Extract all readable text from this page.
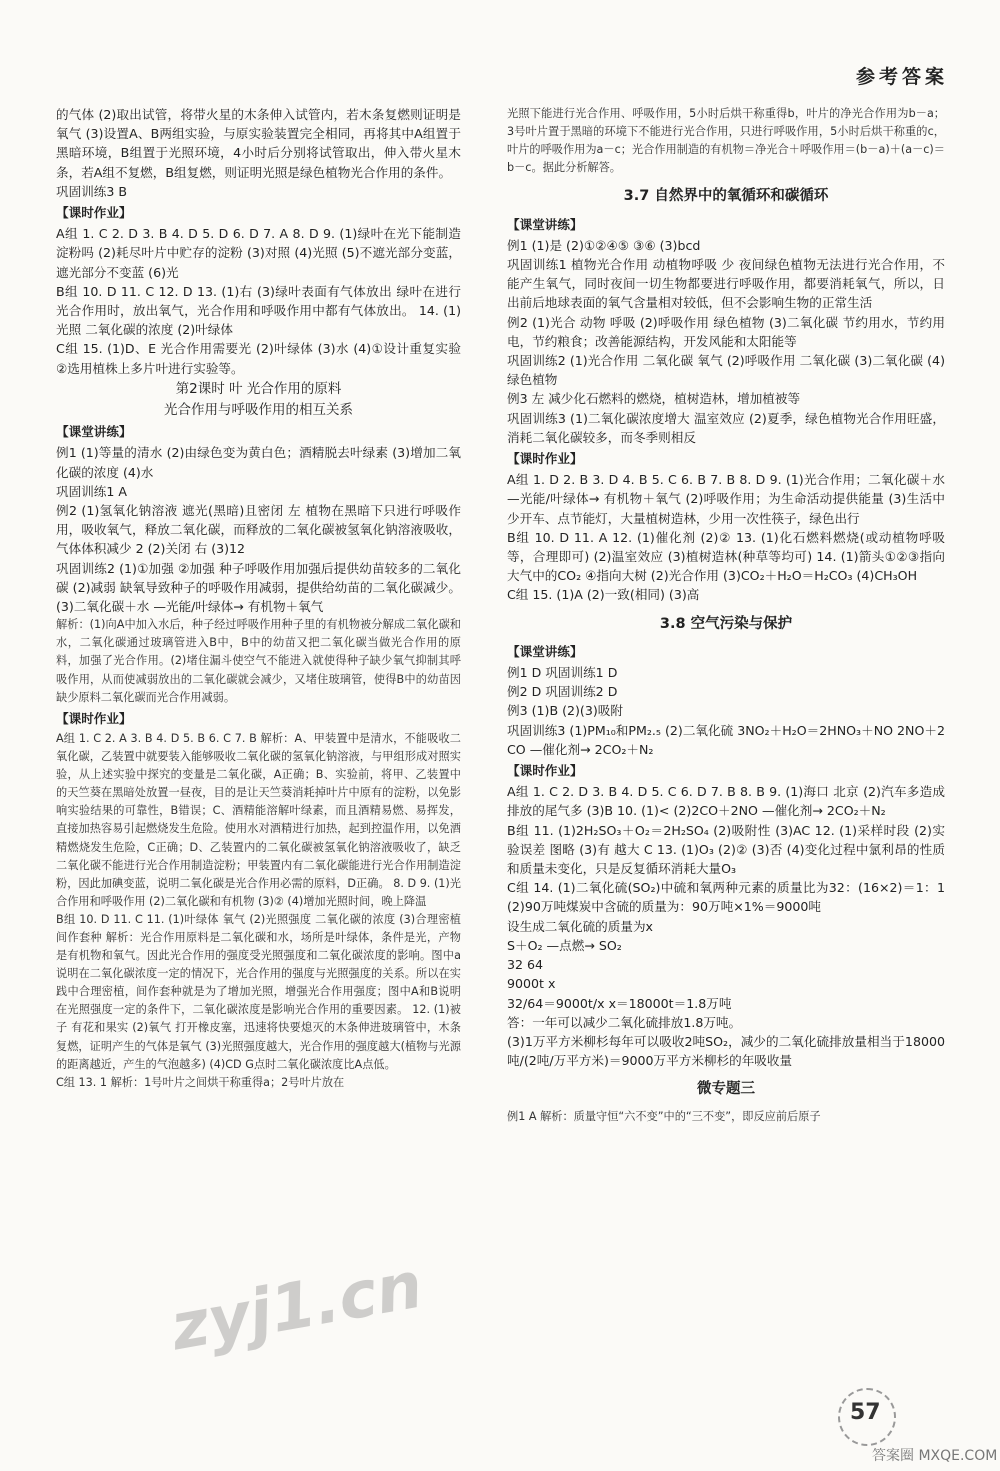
参考答案

的气体 (2)取出试管，将带火星的木条伸入试管内，若木条复燃则证明是氧气 (3)设置A、B两组实验，与原实验装置完全相同，再将其中A组置于黑暗环境，B组置于光照环境，4小时后分别将试管取出，伸入带火星木条，若A组不复燃，B组复燃，则证明光照是绿色植物光合作用的条件。

巩固训练3 B

【课时作业】

A组 1. C 2. D 3. B 4. D 5. D 6. D 7. A 8. D 9. (1)绿叶在光下能制造淀粉吗 (2)耗尽叶片中贮存的淀粉 (3)对照 (4)光照 (5)不遮光部分变蓝，遮光部分不变蓝 (6)光

B组 10. D 11. C 12. D 13. (1)右 (3)绿叶表面有气体放出 绿叶在进行光合作用时，放出氧气，光合作用和呼吸作用中都有气体放出。 14. (1)光照 二氧化碳的浓度 (2)叶绿体

C组 15. (1)D、E 光合作用需要光 (2)叶绿体 (3)水 (4)①设计重复实验 ②选用植株上多片叶进行实验等。

第2课时 叶 光合作用的原料
光合作用与呼吸作用的相互关系
【课堂讲练】

例1 (1)等量的清水 (2)由绿色变为黄白色；酒精脱去叶绿素 (3)增加二氧化碳的浓度 (4)水

巩固训练1 A

例2 (1)氢氧化钠溶液 遮光(黑暗)且密闭 左 植物在黑暗下只进行呼吸作用，吸收氧气，释放二氧化碳，而释放的二氧化碳被氢氧化钠溶液吸收，气体体积减少 2 (2)关闭 右 (3)12

巩固训练2 (1)①加强 ②加强 种子呼吸作用加强后提供幼苗较多的二氧化碳 (2)减弱 缺氧导致种子的呼吸作用减弱，提供给幼苗的二氧化碳减少。 (3)二氧化碳＋水 —光能/叶绿体→ 有机物＋氧气

解析：(1)向A中加入水后，种子经过呼吸作用种子里的有机物被分解成二氧化碳和水，二氧化碳通过玻璃管进入B中，B中的幼苗又把二氧化碳当做光合作用的原料，加强了光合作用。(2)堵住漏斗使空气不能进入就使得种子缺少氧气抑制其呼吸作用，从而使减弱放出的二氧化碳就会减少，又堵住玻璃管，使得B中的幼苗因缺少原料二氧化碳而光合作用减弱。

【课时作业】

A组 1. C 2. A 3. B 4. D 5. B 6. C 7. B 解析：A、甲装置中是清水，不能吸收二氧化碳，乙装置中就要装入能够吸收二氧化碳的氢氧化钠溶液，与甲组形成对照实验，从上述实验中探究的变量是二氧化碳，A正确；B、实验前，将甲、乙装置中的天竺葵在黑暗处放置一昼夜，目的是让天竺葵消耗掉叶片中原有的淀粉，以免影响实验结果的可靠性，B错误；C、酒精能溶解叶绿素，而且酒精易燃、易挥发，直接加热容易引起燃烧发生危险。使用水对酒精进行加热，起到控温作用，以免酒精燃烧发生危险，C正确；D、乙装置内的二氧化碳被氢氧化钠溶液吸收了，缺乏二氧化碳不能进行光合作用制造淀粉；甲装置内有二氧化碳能进行光合作用制造淀粉，因此加碘变蓝，说明二氧化碳是光合作用必需的原料，D正确。 8. D 9. (1)光合作用和呼吸作用 (2)二氧化碳和有机物 (3)② (4)增加光照时间，晚上降温

B组 10. D 11. C 11. (1)叶绿体 氧气 (2)光照强度 二氧化碳的浓度 (3)合理密植 间作套种 解析：光合作用原料是二氧化碳和水，场所是叶绿体，条件是光，产物是有机物和氧气。因此光合作用的强度受光照强度和二氧化碳浓度的影响。图中a说明在二氧化碳浓度一定的情况下，光合作用的强度与光照强度的关系。所以在实践中合理密植，间作套种就是为了增加光照，增强光合作用强度；图中A和B说明在光照强度一定的条件下，二氧化碳浓度是影响光合作用的重要因素。 12. (1)被子 有花和果实 (2)氧气 打开橡皮塞，迅速将快要熄灭的木条伸进玻璃管中，木条复燃，证明产生的气体是氧气 (3)光照强度越大，光合作用的强度越大(植物与光源的距离越近，产生的气泡越多) (4)CD G点时二氧化碳浓度比A点低。

C组 13. 1 解析：1号叶片之间烘干称重得a；2号叶片放在

光照下能进行光合作用、呼吸作用，5小时后烘干称重得b，叶片的净光合作用为b－a；3号叶片置于黑暗的环境下不能进行光合作用，只进行呼吸作用，5小时后烘干称重的c，叶片的呼吸作用为a－c；光合作用制造的有机物＝净光合＋呼吸作用＝(b－a)＋(a－c)＝b－c。据此分析解答。

3.7 自然界中的氧循环和碳循环
【课堂讲练】

例1 (1)是 (2)①②④⑤ ③⑥ (3)bcd

巩固训练1 植物光合作用 动植物呼吸 少 夜间绿色植物无法进行光合作用，不能产生氧气，同时夜间一切生物都要进行呼吸作用，都要消耗氧气，所以，日出前后地球表面的氧气含量相对较低，但不会影响生物的正常生活

例2 (1)光合 动物 呼吸 (2)呼吸作用 绿色植物 (3)二氧化碳 节约用水，节约用电，节约粮食；改善能源结构，开发风能和太阳能等

巩固训练2 (1)光合作用 二氧化碳 氧气 (2)呼吸作用 二氧化碳 (3)二氧化碳 (4)绿色植物

例3 左 减少化石燃料的燃烧，植树造林，增加植被等

巩固训练3 (1)二氧化碳浓度增大 温室效应 (2)夏季，绿色植物光合作用旺盛，消耗二氧化碳较多，而冬季则相反

【课时作业】

A组 1. D 2. B 3. D 4. B 5. C 6. B 7. B 8. D 9. (1)光合作用；二氧化碳＋水 —光能/叶绿体→ 有机物＋氧气 (2)呼吸作用；为生命活动提供能量 (3)生活中少开车、点节能灯，大量植树造林，少用一次性筷子，绿色出行

B组 10. D 11. A 12. (1)催化剂 (2)② 13. (1)化石燃料燃烧(或动植物呼吸等，合理即可) (2)温室效应 (3)植树造林(种草等均可) 14. (1)箭头①②③指向大气中的CO₂ ④指向大树 (2)光合作用 (3)CO₂＋H₂O＝H₂CO₃ (4)CH₃OH

C组 15. (1)A (2)一致(相同) (3)高

3.8 空气污染与保护
【课堂讲练】

例1 D 巩固训练1 D

例2 D 巩固训练2 D

例3 (1)B (2)(3)吸附

巩固训练3 (1)PM₁₀和PM₂.₅ (2)二氧化硫 3NO₂＋H₂O＝2HNO₃＋NO 2NO＋2CO —催化剂→ 2CO₂＋N₂

【课时作业】

A组 1. C 2. D 3. B 4. D 5. C 6. D 7. B 8. B 9. (1)海口 北京 (2)汽车多造成排放的尾气多 (3)B 10. (1)< (2)2CO＋2NO —催化剂→ 2CO₂＋N₂

B组 11. (1)2H₂SO₃＋O₂＝2H₂SO₄ (2)吸附性 (3)AC 12. (1)采样时段 (2)实验误差 图略 (3)有 越大 C 13. (1)O₃ (2)② (3)否 (4)变化过程中氯利昂的性质和质量未变化，只是反复循环消耗大量O₃

C组 14. (1)二氧化硫(SO₂)中硫和氧两种元素的质量比为32：(16×2)＝1：1 (2)90万吨煤炭中含硫的质量为：90万吨×1%＝9000吨

设生成二氧化硫的质量为x

S＋O₂ —点燃→ SO₂

32 64

9000t x

32/64＝9000t/x x＝18000t＝1.8万吨

答：一年可以减少二氧化硫排放1.8万吨。

(3)1万平方米柳杉每年可以吸收2吨SO₂，减少的二氧化硫排放量相当于18000吨/(2吨/万平方米)＝9000万平方米柳杉的年吸收量

微专题三

例1 A 解析：质量守恒“六不变”中的“三不变”，即反应前后原子

57
zyj1.cn
答案圈 MXQE.COM
